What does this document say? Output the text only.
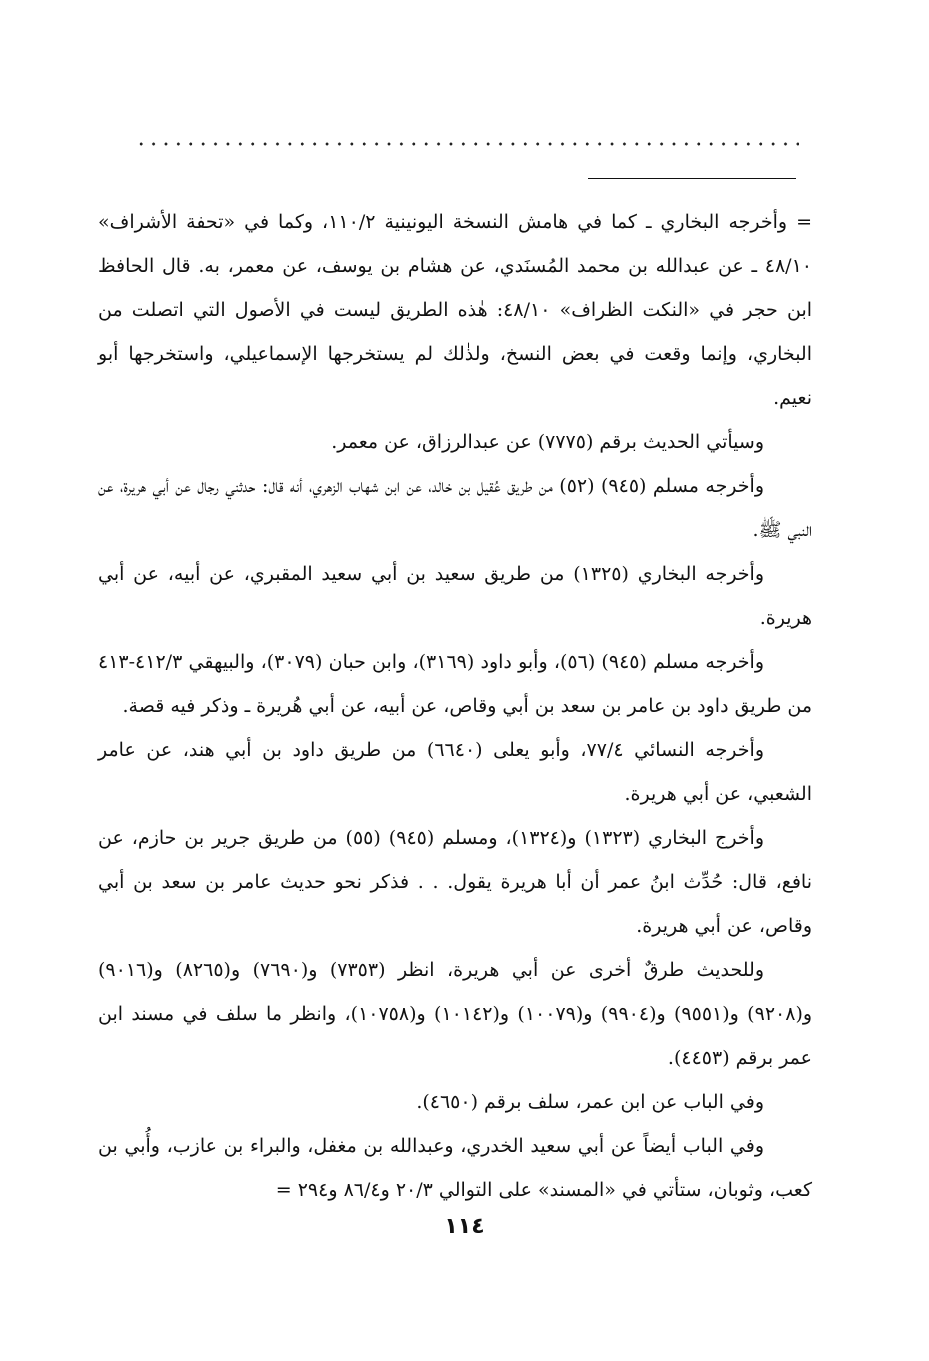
= وأخرجه البخاري ـ كما في هامش النسخة اليونينية ١١٠/٢، وكما في «تحفة الأشراف» ٤٨/١٠ ـ عن عبدالله بن محمد المُسنَدي، عن هشام بن يوسف، عن معمر، به. قال الحافظ ابن حجر في «النكت الظراف» ٤٨/١٠: هٰذه الطريق ليست في الأصول التي اتصلت من البخاري، وإنما وقعت في بعض النسخ، ولذٰلك لم يستخرجها الإسماعيلي، واستخرجها أبو نعيم.

وسيأتي الحديث برقم (٧٧٧٥) عن عبدالرزاق، عن معمر.

وأخرجه مسلم (٩٤٥) (٥٢) من طريق عُقيل بن خالد، عن ابن شهاب الزهري، أنه قال: حدثني رجال عن أبي هريرة، عن النبي ﷺ.

وأخرجه البخاري (١٣٢٥) من طريق سعيد بن أبي سعيد المقبري، عن أبيه، عن أبي هريرة.

وأخرجه مسلم (٩٤٥) (٥٦)، وأبو داود (٣١٦٩)، وابن حبان (٣٠٧٩)، والبيهقي ٤١٢/٣-٤١٣ من طريق داود بن عامر بن سعد بن أبي وقاص، عن أبيه، عن أبي هُريرة ـ وذكر فيه قصة.

وأخرجه النسائي ٧٧/٤، وأبو يعلى (٦٦٤٠) من طريق داود بن أبي هند، عن عامر الشعبي، عن أبي هريرة.

وأخرج البخاري (١٣٢٣) و(١٣٢٤)، ومسلم (٩٤٥) (٥٥) من طريق جرير بن حازم، عن نافع، قال: حُدِّث ابنُ عمر أن أبا هريرة يقول. . . فذكر نحو حديث عامر بن سعد بن أبي وقاص، عن أبي هريرة.

وللحديث طرقٌ أخرى عن أبي هريرة، انظر (٧٣٥٣) و(٧٦٩٠) و(٨٢٦٥) و(٩٠١٦) و(٩٢٠٨) و(٩٥٥١) و(٩٩٠٤) و(١٠٠٧٩) و(١٠١٤٢) و(١٠٧٥٨)، وانظر ما سلف في مسند ابن عمر برقم (٤٤٥٣).

وفي الباب عن ابن عمر، سلف برقم (٤٦٥٠).

وفي الباب أيضاً عن أبي سعيد الخدري، وعبدالله بن مغفل، والبراء بن عازب، وأُبي بن كعب، وثوبان، ستأتي في «المسند» على التوالي ٢٠/٣ و٨٦/٤ و٢٩٤ =

١١٤
